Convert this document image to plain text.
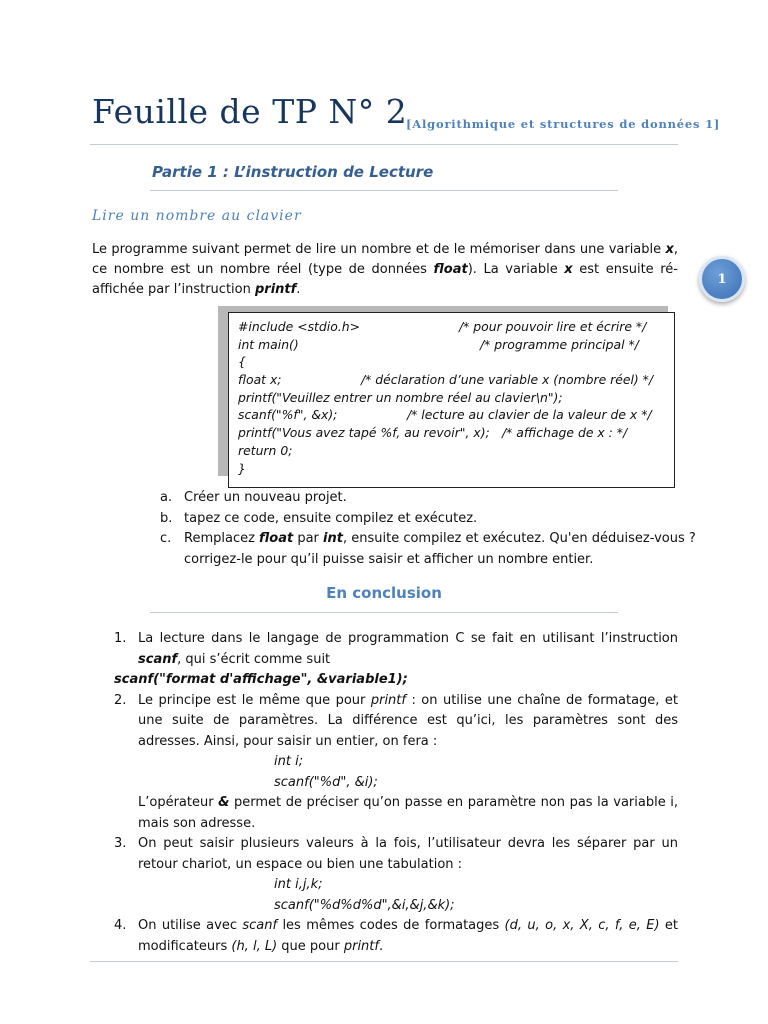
Feuille de TP N° 2
[Algorithmique et structures de données 1]
Partie 1 : L’instruction de Lecture
Lire un nombre au clavier
Le programme suivant permet de lire un nombre et de le mémoriser dans une variable x, ce nombre est un nombre réel (type de données float). La variable x est ensuite ré-affichée par l’instruction printf.
1
#include <stdio.h>	/* pour pouvoir lire et écrire */
int main()	/* programme principal */
{
float x;	/* déclaration d’une variable x (nombre réel) */
printf("Veuillez entrer un nombre réel au clavier\n");
scanf("%f", &x);	/* lecture au clavier de la valeur de x */
printf("Vous avez tapé %f, au revoir", x); /* affichage de x : */
return 0;
}
a. Créer un nouveau projet.
b. tapez ce code, ensuite compilez et exécutez.
c. Remplacez float par int, ensuite compilez et exécutez. Qu'en déduisez-vous ?
corrigez-le pour qu’il puisse saisir et afficher un nombre entier.
En conclusion
1. La lecture dans le langage de programmation C se fait en utilisant l’instruction scanf, qui s’écrit comme suit
scanf("format d'affichage", &variable1);
2. Le principe est le même que pour printf : on utilise une chaîne de formatage, et une suite de paramètres. La différence est qu’ici, les paramètres sont des adresses. Ainsi, pour saisir un entier, on fera :
int i;
scanf("%d", &i);
L’opérateur & permet de préciser qu’on passe en paramètre non pas la variable i, mais son adresse.
3. On peut saisir plusieurs valeurs à la fois, l’utilisateur devra les séparer par un retour chariot, un espace ou bien une tabulation :
int i,j,k;
scanf("%d%d%d",&i,&j,&k);
4. On utilise avec scanf les mêmes codes de formatages (d, u, o, x, X, c, f, e, E) et modificateurs (h, l, L) que pour printf.
